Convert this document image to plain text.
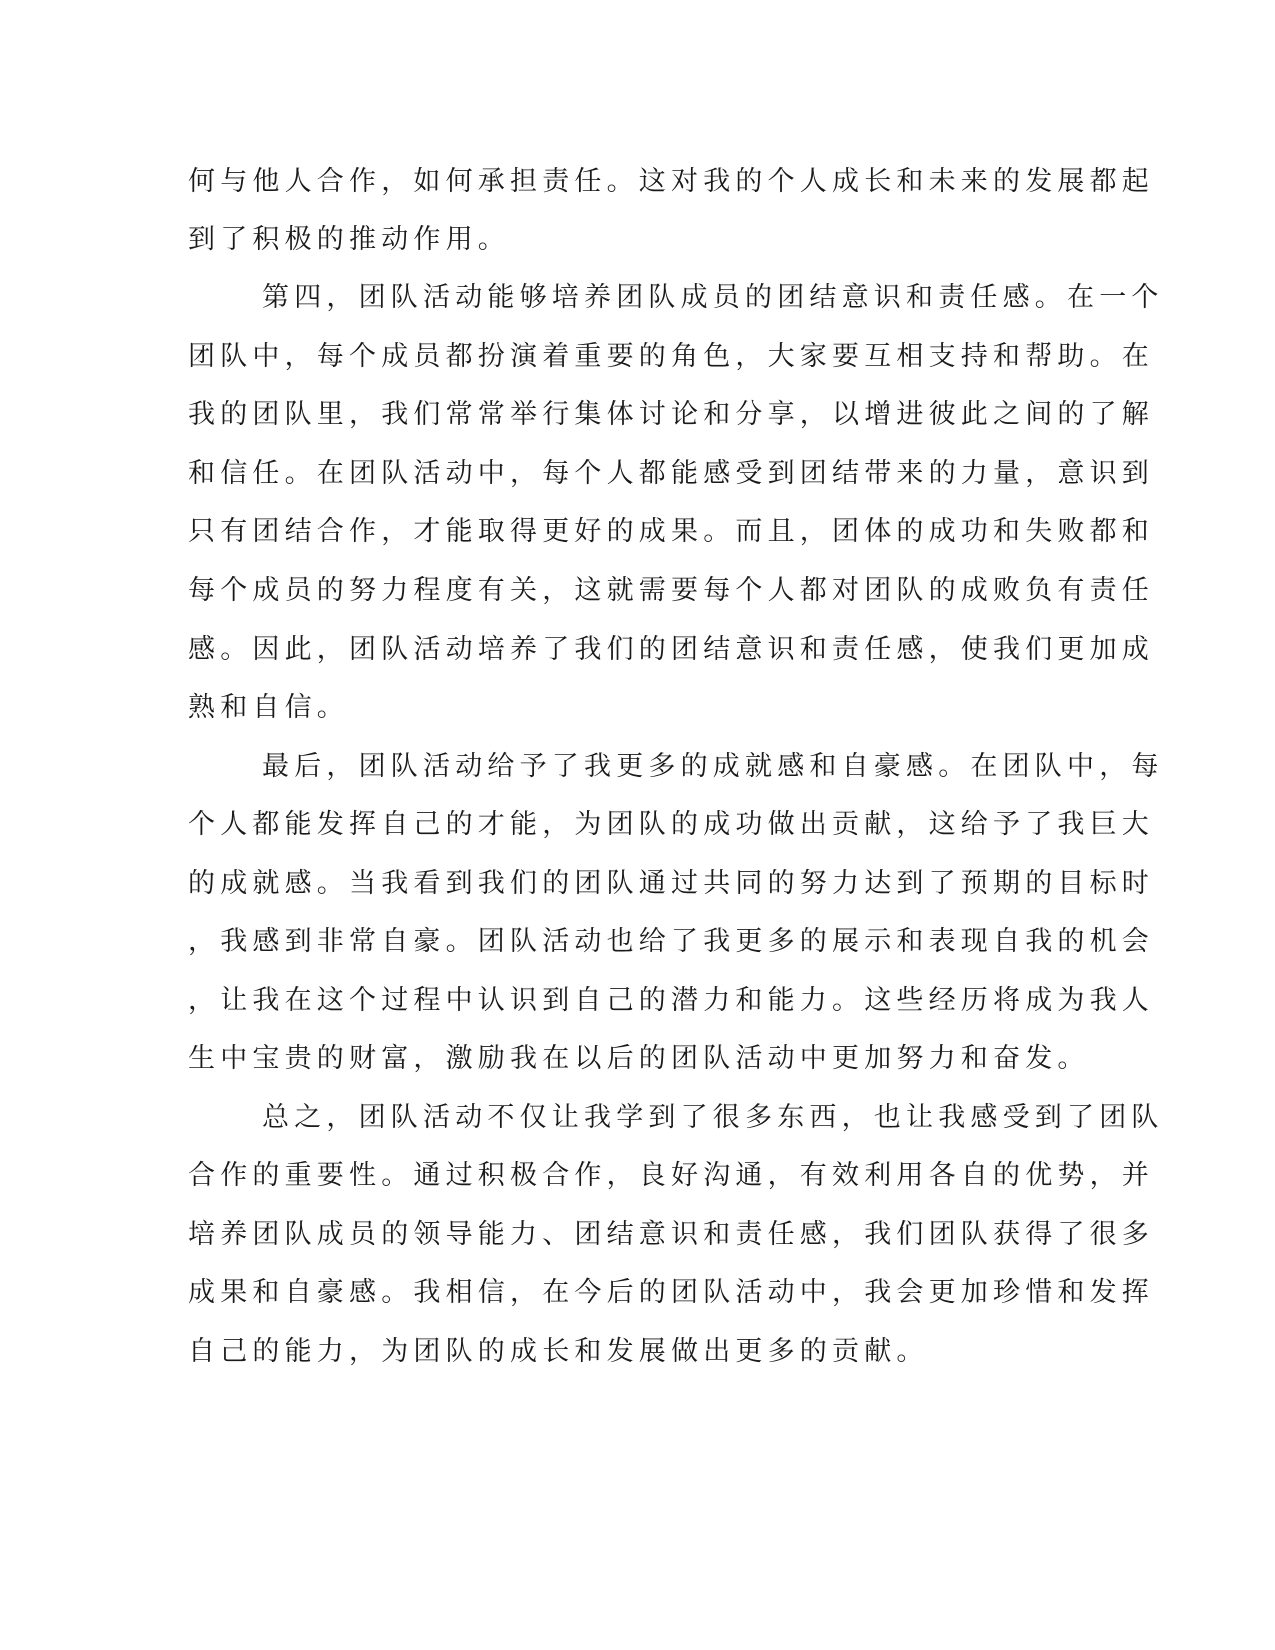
何与他人合作，如何承担责任。这对我的个人成长和未来的发展都起
到了积极的推动作用。
第四，团队活动能够培养团队成员的团结意识和责任感。在一个
团队中，每个成员都扮演着重要的角色，大家要互相支持和帮助。在
我的团队里，我们常常举行集体讨论和分享，以增进彼此之间的了解
和信任。在团队活动中，每个人都能感受到团结带来的力量，意识到
只有团结合作，才能取得更好的成果。而且，团体的成功和失败都和
每个成员的努力程度有关，这就需要每个人都对团队的成败负有责任
感。因此，团队活动培养了我们的团结意识和责任感，使我们更加成
熟和自信。
最后，团队活动给予了我更多的成就感和自豪感。在团队中，每
个人都能发挥自己的才能，为团队的成功做出贡献，这给予了我巨大
的成就感。当我看到我们的团队通过共同的努力达到了预期的目标时
，我感到非常自豪。团队活动也给了我更多的展示和表现自我的机会
，让我在这个过程中认识到自己的潜力和能力。这些经历将成为我人
生中宝贵的财富，激励我在以后的团队活动中更加努力和奋发。
总之，团队活动不仅让我学到了很多东西，也让我感受到了团队
合作的重要性。通过积极合作，良好沟通，有效利用各自的优势，并
培养团队成员的领导能力、团结意识和责任感，我们团队获得了很多
成果和自豪感。我相信，在今后的团队活动中，我会更加珍惜和发挥
自己的能力，为团队的成长和发展做出更多的贡献。
